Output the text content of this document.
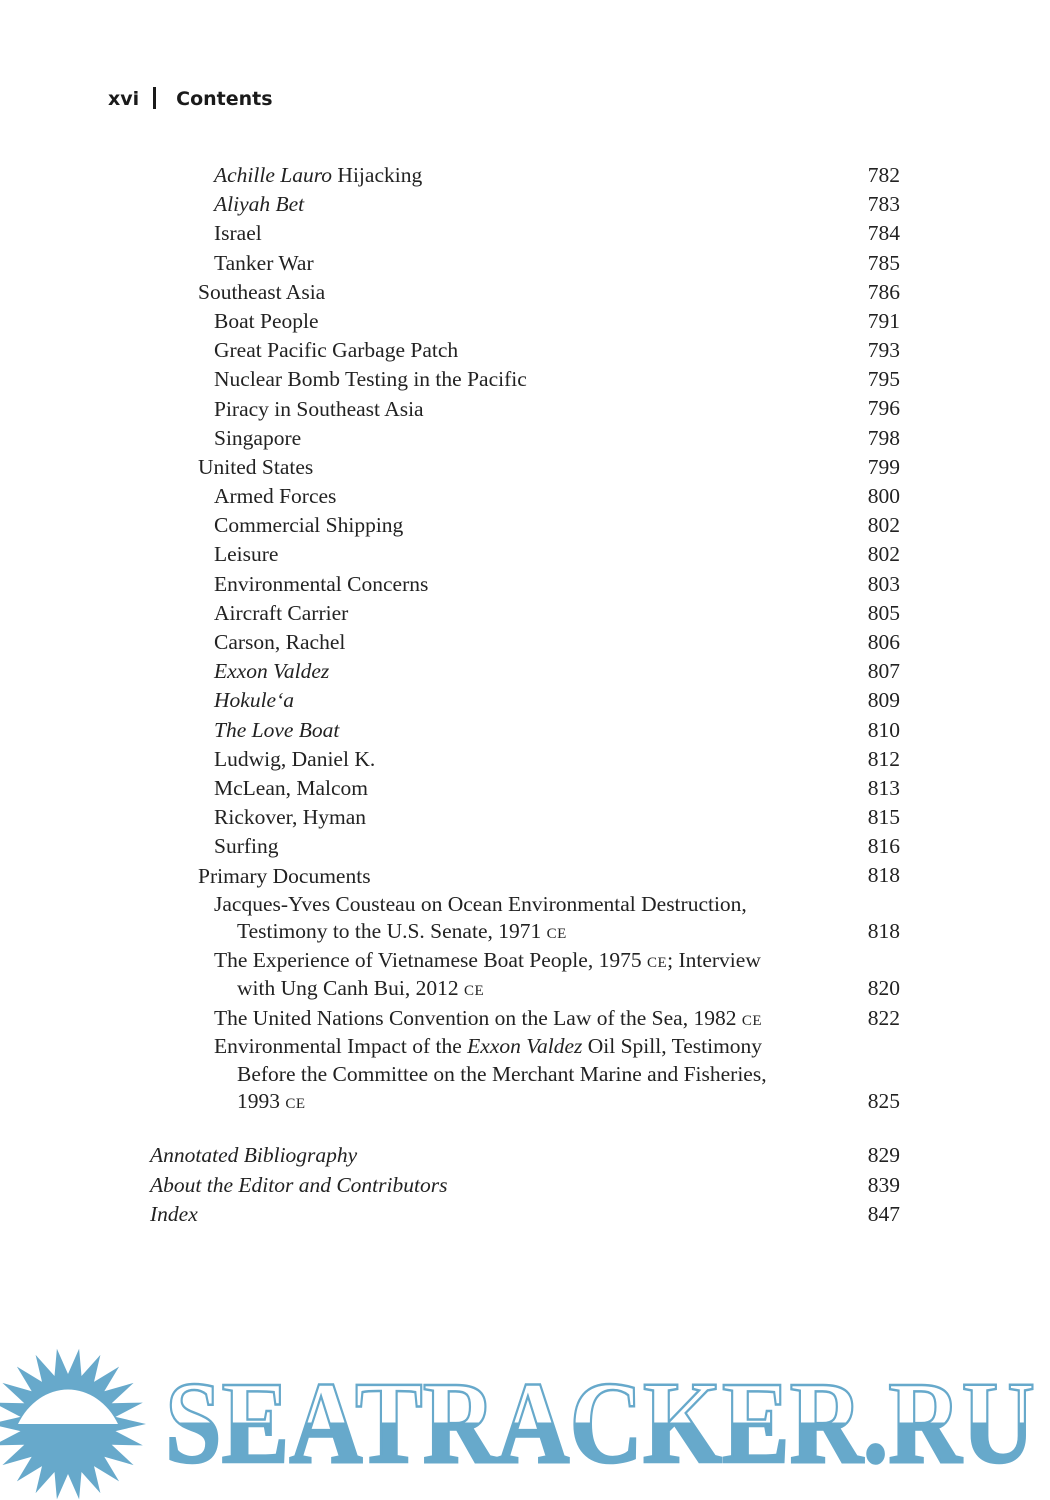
xvi Contents
Achille Lauro Hijacking	782
Aliyah Bet	783
Israel	784
Tanker War	785
Southeast Asia	786
Boat People	791
Great Pacific Garbage Patch	793
Nuclear Bomb Testing in the Pacific	795
Piracy in Southeast Asia	796
Singapore	798
United States	799
Armed Forces	800
Commercial Shipping	802
Leisure	802
Environmental Concerns	803
Aircraft Carrier	805
Carson, Rachel	806
Exxon Valdez	807
Hokule‘a	809
The Love Boat	810
Ludwig, Daniel K.	812
McLean, Malcom	813
Rickover, Hyman	815
Surfing	816
Primary Documents	818
Jacques-Yves Cousteau on Ocean Environmental Destruction,
Testimony to the U.S. Senate, 1971 CE	818
The Experience of Vietnamese Boat People, 1975 CE; Interview
with Ung Canh Bui, 2012 CE	820
The United Nations Convention on the Law of the Sea, 1982 CE	822
Environmental Impact of the Exxon Valdez Oil Spill, Testimony
Before the Committee on the Merchant Marine and Fisheries,
1993 CE	825
Annotated Bibliography	829
About the Editor and Contributors	839
Index	847
SEATRACKER.RU
